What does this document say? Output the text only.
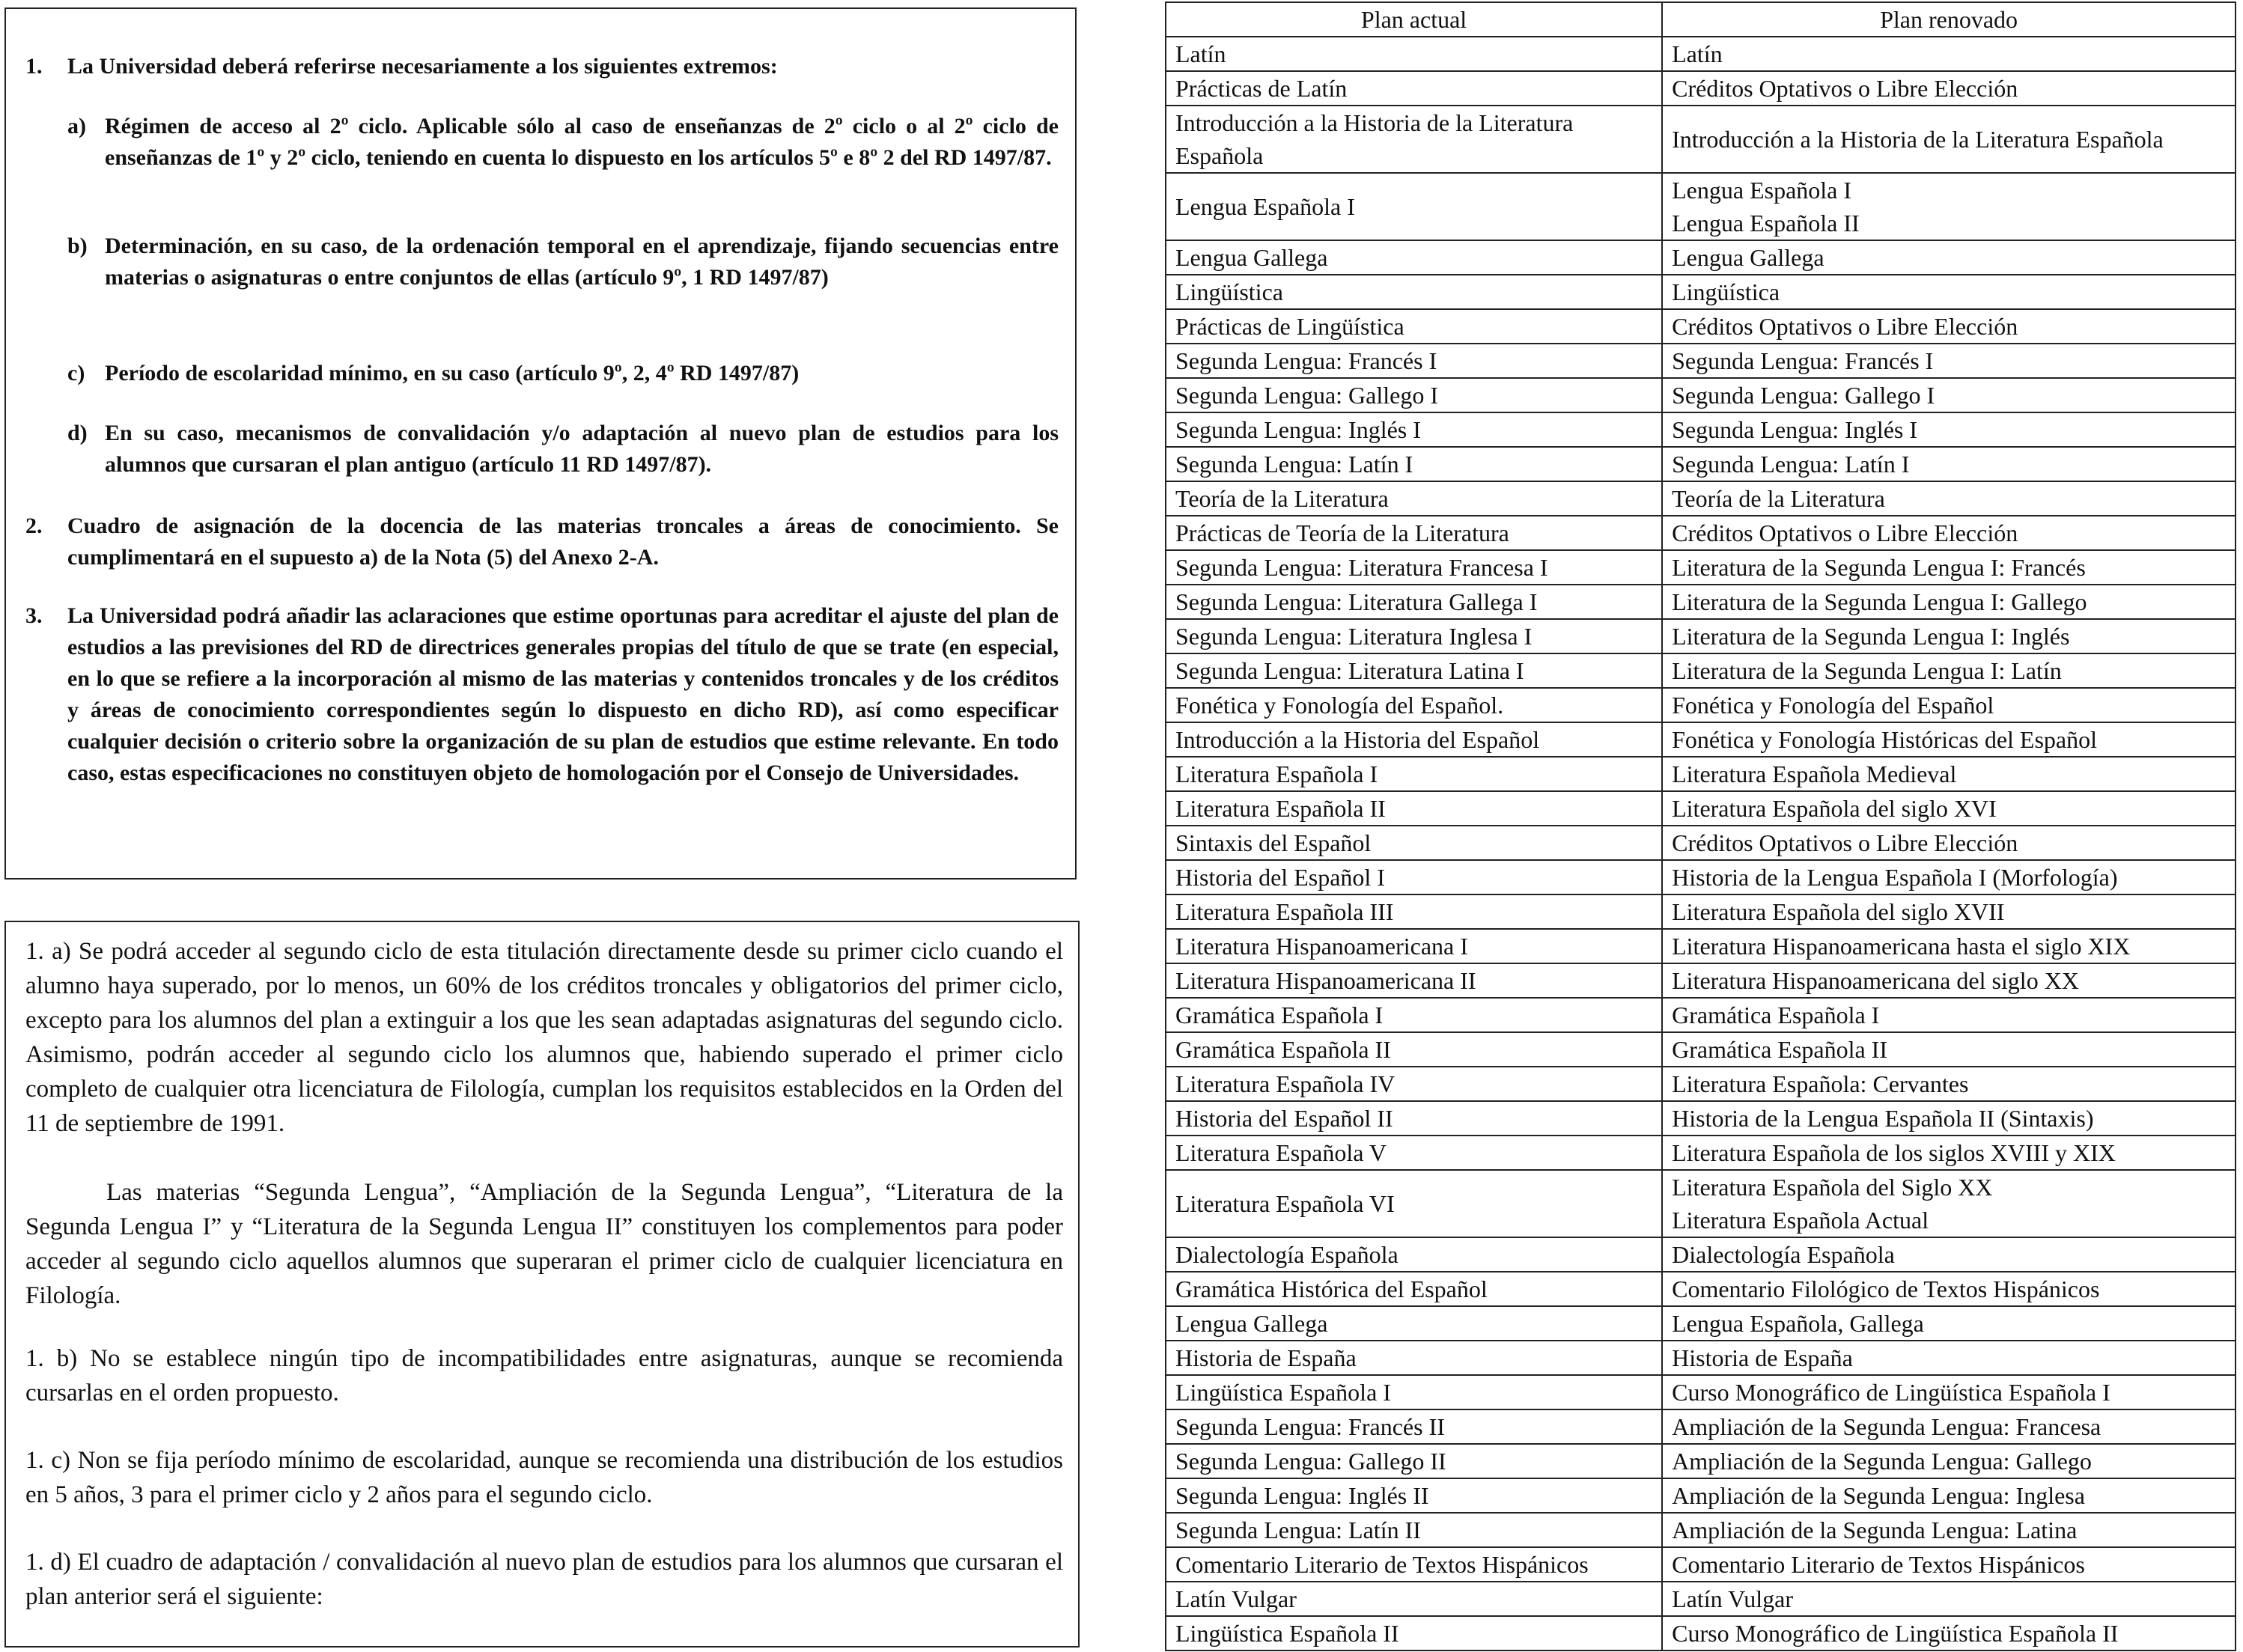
1. La Universidad deberá referirse necesariamente a los siguientes extremos:
a) Régimen de acceso al 2º ciclo. Aplicable sólo al caso de enseñanzas de 2º ciclo o al 2º ciclo de enseñanzas de 1º y 2º ciclo, teniendo en cuenta lo dispuesto en los artículos 5º e 8º 2 del RD 1497/87.
b) Determinación, en su caso, de la ordenación temporal en el aprendizaje, fijando secuencias entre materias o asignaturas o entre conjuntos de ellas (artículo 9º, 1 RD 1497/87)
c) Período de escolaridad mínimo, en su caso (artículo 9º, 2, 4º RD 1497/87)
d) En su caso, mecanismos de convalidación y/o adaptación al nuevo plan de estudios para los alumnos que cursaran el plan antiguo (artículo 11 RD 1497/87).
2. Cuadro de asignación de la docencia de las materias troncales a áreas de conocimiento. Se cumplimentará en el supuesto a) de la Nota (5) del Anexo 2-A.
3. La Universidad podrá añadir las aclaraciones que estime oportunas para acreditar el ajuste del plan de estudios a las previsiones del RD de directrices generales propias del título de que se trate (en especial, en lo que se refiere a la incorporación al mismo de las materias y contenidos troncales y de los créditos y áreas de conocimiento correspondientes según lo dispuesto en dicho RD), así como especificar cualquier decisión o criterio sobre la organización de su plan de estudios que estime relevante. En todo caso, estas especificaciones no constituyen objeto de homologación por el Consejo de Universidades.
1. a) Se podrá acceder al segundo ciclo de esta titulación directamente desde su primer ciclo cuando el alumno haya superado, por lo menos, un 60% de los créditos troncales y obligatorios del primer ciclo, excepto para los alumnos del plan a extinguir a los que les sean adaptadas asignaturas del segundo ciclo. Asimismo, podrán acceder al segundo ciclo los alumnos que, habiendo superado el primer ciclo completo de cualquier otra licenciatura de Filología, cumplan los requisitos establecidos en la Orden del 11 de septiembre de 1991.
Las materias “Segunda Lengua”, “Ampliación de la Segunda Lengua”, “Literatura de la Segunda Lengua I” y “Literatura de la Segunda Lengua II” constituyen los complementos para poder acceder al segundo ciclo aquellos alumnos que superaran el primer ciclo de cualquier licenciatura en Filología.
1. b) No se establece ningún tipo de incompatibilidades entre asignaturas, aunque se recomienda cursarlas en el orden propuesto.
1. c) Non se fija período mínimo de escolaridad, aunque se recomienda una distribución de los estudios en 5 años, 3 para el primer ciclo y 2 años para el segundo ciclo.
1. d) El cuadro de adaptación / convalidación al nuevo plan de estudios para los alumnos que cursaran el plan anterior será el siguiente:
Plan actual	Plan renovado
Latín	Latín
Prácticas de Latín	Créditos Optativos o Libre Elección
Introducción a la Historia de la Literatura Española	Introducción a la Historia de la Literatura Española
Lengua Española I	Lengua Española I
Lengua Española II
Lengua Gallega	Lengua Gallega
Lingüística	Lingüística
Prácticas de Lingüística	Créditos Optativos o Libre Elección
Segunda Lengua: Francés I	Segunda Lengua: Francés I
Segunda Lengua: Gallego I	Segunda Lengua: Gallego I
Segunda Lengua: Inglés I	Segunda Lengua: Inglés I
Segunda Lengua: Latín I	Segunda Lengua: Latín I
Teoría de la Literatura	Teoría de la Literatura
Prácticas de Teoría de la Literatura	Créditos Optativos o Libre Elección
Segunda Lengua: Literatura Francesa I	Literatura de la Segunda Lengua I: Francés
Segunda Lengua: Literatura Gallega I	Literatura de la Segunda Lengua I: Gallego
Segunda Lengua: Literatura Inglesa I	Literatura de la Segunda Lengua I: Inglés
Segunda Lengua: Literatura Latina I	Literatura de la Segunda Lengua I: Latín
Fonética y Fonología del Español.	Fonética y Fonología del Español
Introducción a la Historia del Español	Fonética y Fonología Históricas del Español
Literatura Española I	Literatura Española Medieval
Literatura Española II	Literatura Española del siglo XVI
Sintaxis del Español	Créditos Optativos o Libre Elección
Historia del Español I	Historia de la Lengua Española I (Morfología)
Literatura Española III	Literatura Española del siglo XVII
Literatura Hispanoamericana I	Literatura Hispanoamericana hasta el siglo XIX
Literatura Hispanoamericana II	Literatura Hispanoamericana del siglo XX
Gramática Española I	Gramática Española I
Gramática Española II	Gramática Española II
Literatura Española IV	Literatura Española: Cervantes
Historia del Español II	Historia de la Lengua Española II (Sintaxis)
Literatura Española V	Literatura Española de los siglos XVIII y XIX
Literatura Española VI	Literatura Española del Siglo XX
Literatura Española Actual
Dialectología Española	Dialectología Española
Gramática Histórica del Español	Comentario Filológico de Textos Hispánicos
Lengua Gallega	Lengua Española, Gallega
Historia de España	Historia de España
Lingüística Española I	Curso Monográfico de Lingüística Española I
Segunda Lengua: Francés II	Ampliación de la Segunda Lengua: Francesa
Segunda Lengua: Gallego II	Ampliación de la Segunda Lengua: Gallego
Segunda Lengua: Inglés II	Ampliación de la Segunda Lengua: Inglesa
Segunda Lengua: Latín II	Ampliación de la Segunda Lengua: Latina
Comentario Literario de Textos Hispánicos	Comentario Literario de Textos Hispánicos
Latín Vulgar	Latín Vulgar
Lingüística Española II	Curso Monográfico de Lingüística Española II
